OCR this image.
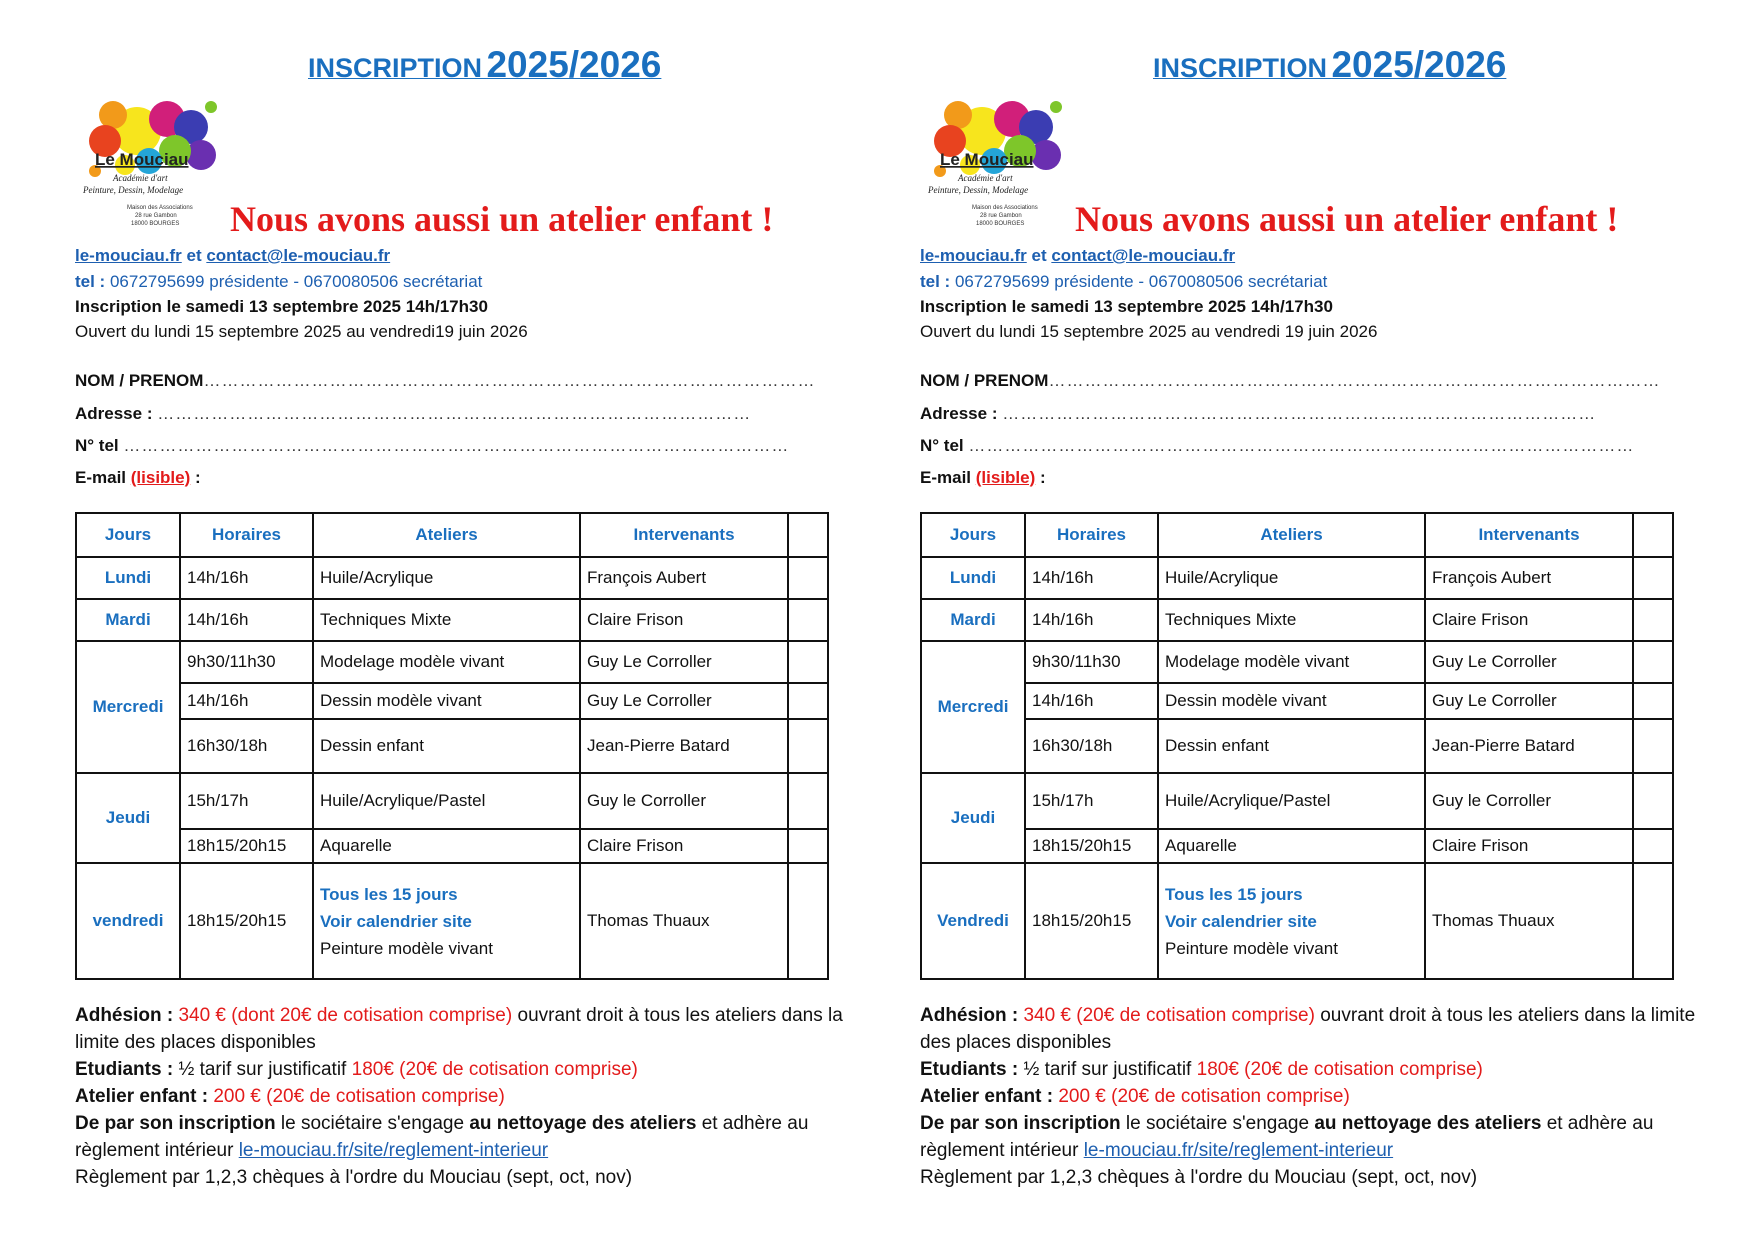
INSCRIPTION 2025/2026
Le Mouciau
Académie d'art
Peinture, Dessin, Modelage
Maison des Associations
28 rue Gambon
18000 BOURGES Nous avons aussi un atelier enfant !
le-mouciau.fr et contact@le-mouciau.fr
tel : 0672795699 présidente - 0670080506 secrétariat
Inscription le samedi 13 septembre 2025 14h/17h30
Ouvert du lundi 15 septembre 2025 au vendredi19 juin 2026
NOM / PRENOM…………………………………………………………………………………………
Adresse : ………………………………………………………………………………………
N° tel …………………………………………………………………………………………………
E-mail (lisible) :
Jours	Horaires	Ateliers	Intervenants	
Lundi	14h/16h	Huile/Acrylique	François Aubert	
Mardi	14h/16h	Techniques Mixte	Claire Frison	
Mercredi	9h30/11h30	Modelage modèle vivant	Guy Le Corroller	
	14h/16h	Dessin modèle vivant	Guy Le Corroller	
	16h30/18h	Dessin enfant	Jean-Pierre Batard	
Jeudi	15h/17h	Huile/Acrylique/Pastel	Guy le Corroller	
	18h15/20h15	Aquarelle	Claire Frison	
vendredi	18h15/20h15	Tous les 15 jours
Voir calendrier site
Peinture modèle vivant	Thomas Thuaux	

Adhésion : 340 € (dont 20€ de cotisation comprise) ouvrant droit à tous les ateliers dans la limite des places disponibles

Etudiants : ½ tarif sur justificatif 180€ (20€ de cotisation comprise)

Atelier enfant : 200 € (20€ de cotisation comprise)

De par son inscription le sociétaire s'engage au nettoyage des ateliers et adhère au règlement intérieur le-mouciau.fr/site/reglement-interieur

Règlement par 1,2,3 chèques à l'ordre du Mouciau (sept, oct, nov)

INSCRIPTION 2025/2026
Le Mouciau
Académie d'art
Peinture, Dessin, Modelage
Maison des Associations
28 rue Gambon
18000 BOURGES Nous avons aussi un atelier enfant !
le-mouciau.fr et contact@le-mouciau.fr
tel : 0672795699 présidente - 0670080506 secrétariat
Inscription le samedi 13 septembre 2025 14h/17h30
Ouvert du lundi 15 septembre 2025 au vendredi 19 juin 2026
NOM / PRENOM…………………………………………………………………………………………
Adresse : ………………………………………………………………………………………
N° tel …………………………………………………………………………………………………
E-mail (lisible) :
Jours	Horaires	Ateliers	Intervenants	
Lundi	14h/16h	Huile/Acrylique	François Aubert	
Mardi	14h/16h	Techniques Mixte	Claire Frison	
Mercredi	9h30/11h30	Modelage modèle vivant	Guy Le Corroller	
	14h/16h	Dessin modèle vivant	Guy Le Corroller	
	16h30/18h	Dessin enfant	Jean-Pierre Batard	
Jeudi	15h/17h	Huile/Acrylique/Pastel	Guy le Corroller	
	18h15/20h15	Aquarelle	Claire Frison	
Vendredi	18h15/20h15	Tous les 15 jours
Voir calendrier site
Peinture modèle vivant	Thomas Thuaux	

Adhésion : 340 € (20€ de cotisation comprise) ouvrant droit à tous les ateliers dans la limite des places disponibles

Etudiants : ½ tarif sur justificatif 180€ (20€ de cotisation comprise)

Atelier enfant : 200 € (20€ de cotisation comprise)

De par son inscription le sociétaire s'engage au nettoyage des ateliers et adhère au règlement intérieur le-mouciau.fr/site/reglement-interieur

Règlement par 1,2,3 chèques à l'ordre du Mouciau (sept, oct, nov)
